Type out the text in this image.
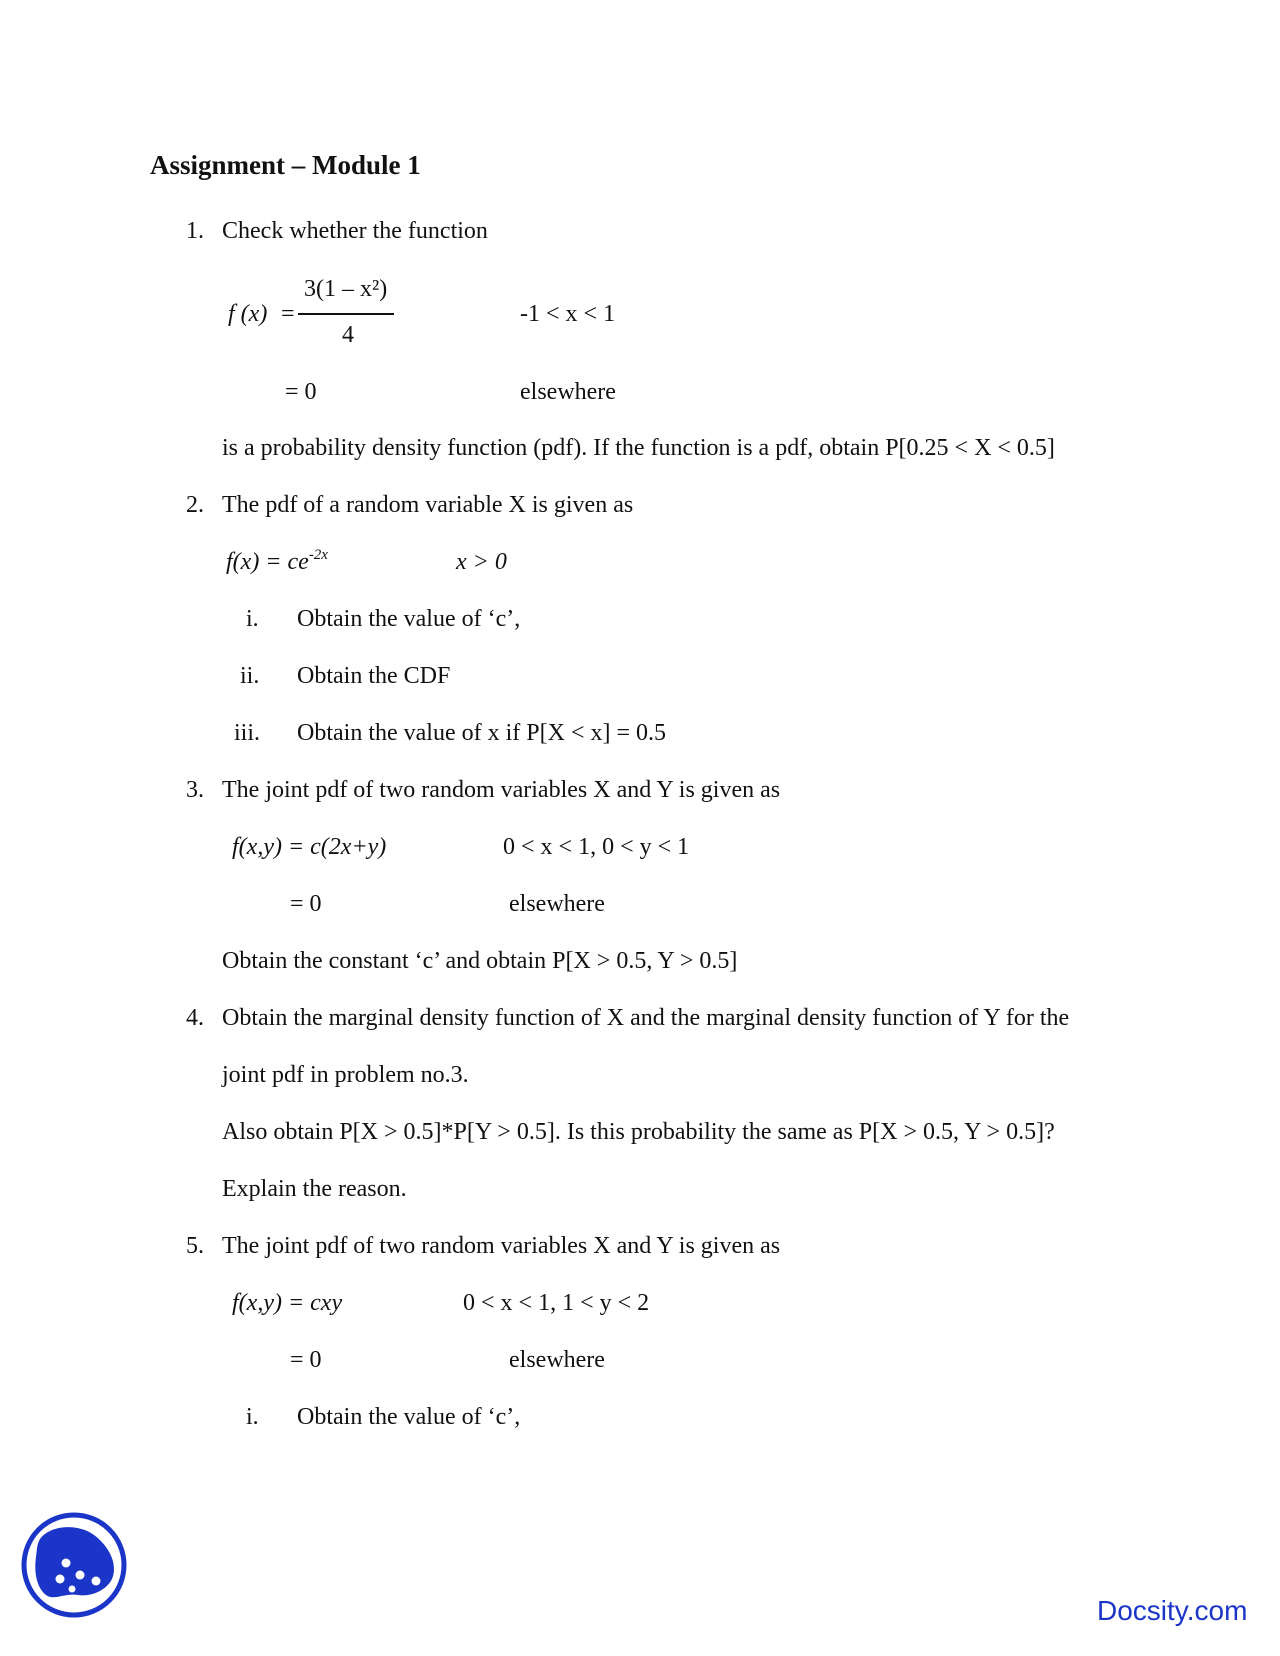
Assignment – Module 1
1. Check whether the function
f (x) =
3(1 – x²)
4
-1 < x < 1
= 0	elsewhere
is a probability density function (pdf). If the function is a pdf, obtain P[0.25 < X < 0.5]
2. The pdf of a random variable X is given as
$f(x) = ce^{-2x}$	x > 0
i. Obtain the value of ‘c’,
ii. Obtain the CDF
iii. Obtain the value of x if P[X < x] = 0.5
3. The joint pdf of two random variables X and Y is given as
f(x,y) = c(2x+y)	0 < x < 1, 0 < y < 1
= 0	elsewhere
Obtain the constant ‘c’ and obtain P[X > 0.5, Y > 0.5]
4. Obtain the marginal density function of X and the marginal density function of Y for the
joint pdf in problem no.3.
Also obtain P[X > 0.5]*P[Y > 0.5]. Is this probability the same as P[X > 0.5, Y > 0.5]?
Explain the reason.
5. The joint pdf of two random variables X and Y is given as
f(x,y) = cxy	0 < x < 1, 1 < y < 2
= 0	elsewhere
i. Obtain the value of ‘c’,
Docsity.com
